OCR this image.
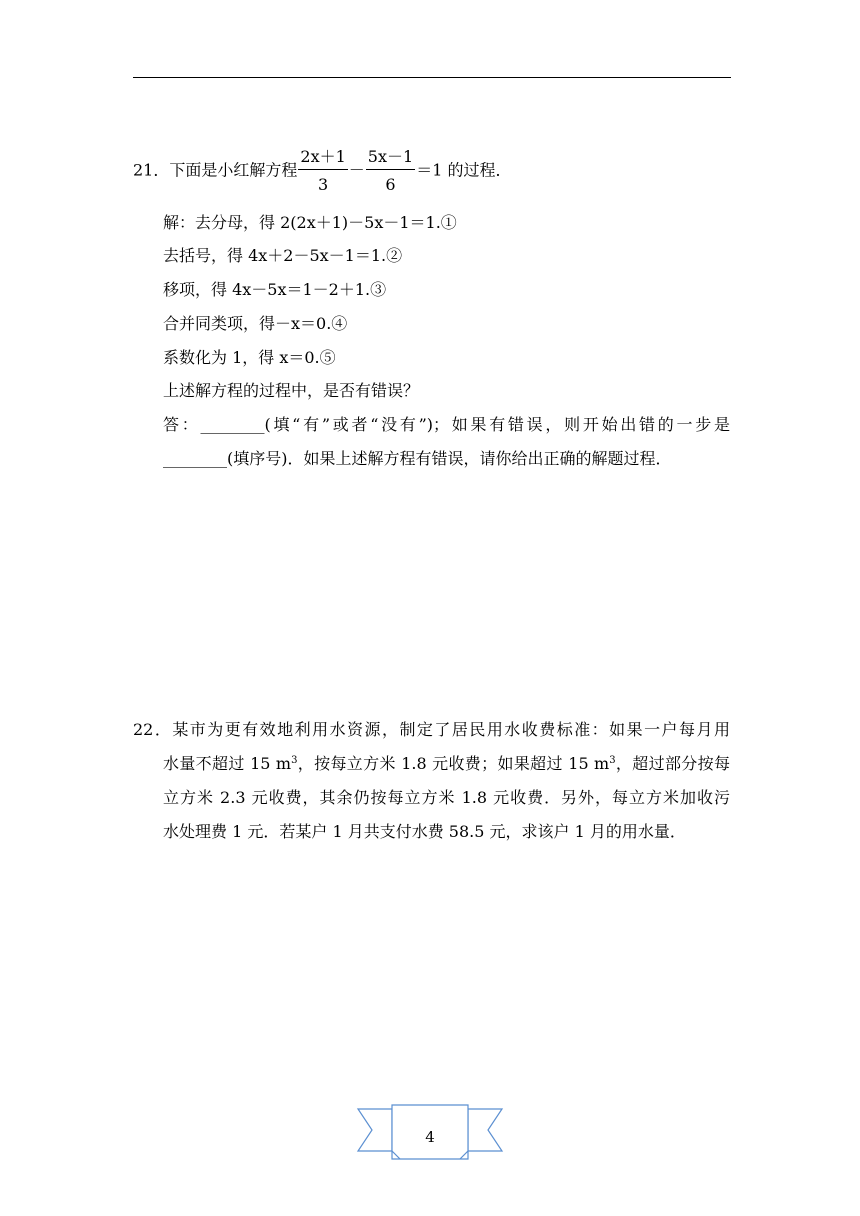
21．下面是小红解方程 $\frac{2x+1}{3} - \frac{5x-1}{6} =1$ 的过程．
解：去分母，得 2(2x＋1)－5x－1＝1.①
去括号，得 4x＋2－5x－1＝1.②
移项，得 4x－5x＝1－2＋1.③
合并同类项，得－x＝0.④
系数化为 1，得 x＝0.⑤
上述解方程的过程中，是否有错误？
答：________(填“有”或者“没有”)；如果有错误，则开始出错的一步是
________(填序号)．如果上述解方程有错误，请你给出正确的解题过程．
22．某市为更有效地利用水资源，制定了居民用水收费标准：如果一户每月用
水量不超过 15 $m^3$，按每立方米 1.8 元收费；如果超过 15 $m^3$，超过部分按每
立方米 2.3 元收费，其余仍按每立方米 1.8 元收费．另外，每立方米加收污
水处理费 1 元．若某户 1 月共支付水费 58.5 元，求该户 1 月的用水量．
4
